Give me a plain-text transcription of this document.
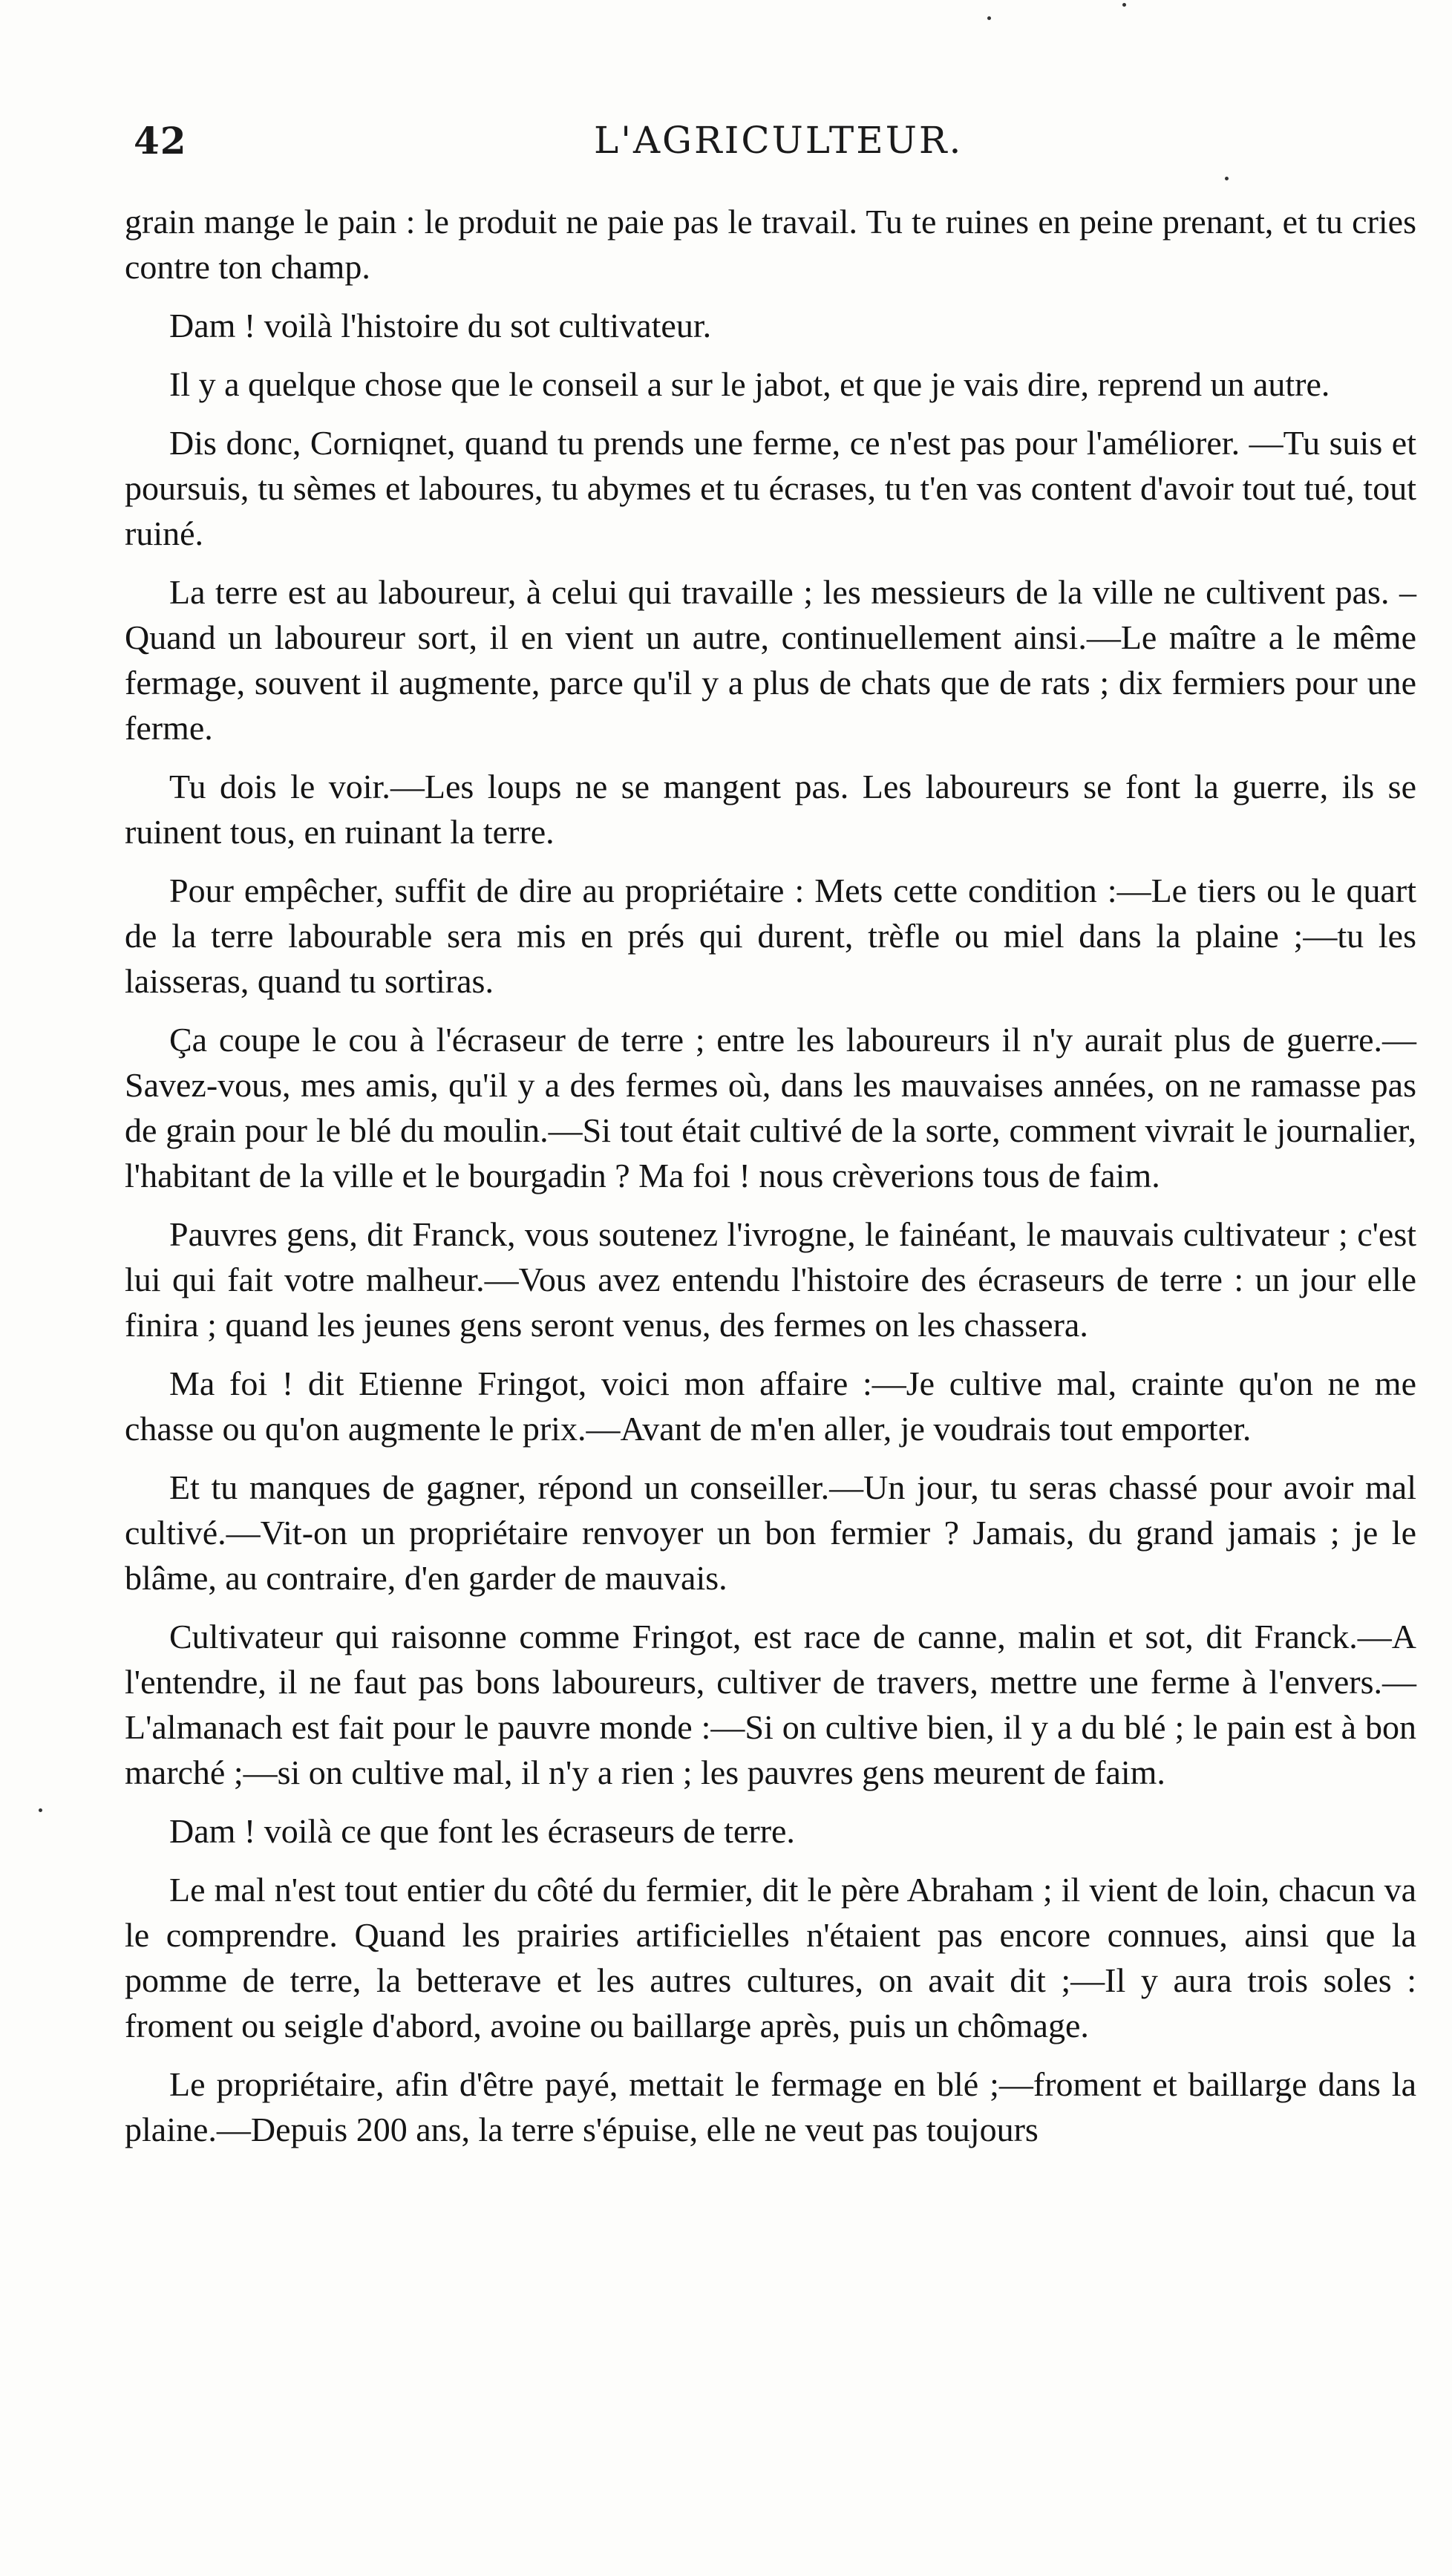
42	L'AGRICULTEUR.

grain mange le pain : le produit ne paie pas le travail. Tu te ruines en peine prenant, et tu cries contre ton champ.

Dam ! voilà l'histoire du sot cultivateur.

Il y a quelque chose que le conseil a sur le jabot, et que je vais dire, reprend un autre.

Dis donc, Corniqnet, quand tu prends une ferme, ce n'est pas pour l'améliorer. —Tu suis et poursuis, tu sèmes et laboures, tu abymes et tu écrases, tu t'en vas content d'avoir tout tué, tout ruiné.

La terre est au laboureur, à celui qui travaille ; les messieurs de la ville ne cultivent pas. – Quand un laboureur sort, il en vient un autre, continuellement ainsi.—Le maître a le même fermage, souvent il augmente, parce qu'il y a plus de chats que de rats ; dix fermiers pour une ferme.

Tu dois le voir.—Les loups ne se mangent pas. Les laboureurs se font la guerre, ils se ruinent tous, en ruinant la terre.

Pour empêcher, suffit de dire au propriétaire : Mets cette condition :—Le tiers ou le quart de la terre labourable sera mis en prés qui durent, trèfle ou miel dans la plaine ;—tu les laisseras, quand tu sortiras.

Ça coupe le cou à l'écraseur de terre ; entre les laboureurs il n'y aurait plus de guerre.—Savez-vous, mes amis, qu'il y a des fermes où, dans les mauvaises années, on ne ramasse pas de grain pour le blé du moulin.—Si tout était cultivé de la sorte, comment vivrait le journalier, l'habitant de la ville et le bourgadin ? Ma foi ! nous crèverions tous de faim.

Pauvres gens, dit Franck, vous soutenez l'ivrogne, le fainéant, le mauvais cultivateur ; c'est lui qui fait votre malheur.—Vous avez entendu l'histoire des écraseurs de terre : un jour elle finira ; quand les jeunes gens seront venus, des fermes on les chassera.

Ma foi ! dit Etienne Fringot, voici mon affaire :—Je cultive mal, crainte qu'on ne me chasse ou qu'on augmente le prix.—Avant de m'en aller, je voudrais tout emporter.

Et tu manques de gagner, répond un conseiller.—Un jour, tu seras chassé pour avoir mal cultivé.—Vit-on un propriétaire renvoyer un bon fermier ? Jamais, du grand jamais ; je le blâme, au contraire, d'en garder de mauvais.

Cultivateur qui raisonne comme Fringot, est race de canne, malin et sot, dit Franck.—A l'entendre, il ne faut pas bons laboureurs, cultiver de travers, mettre une ferme à l'envers.—L'almanach est fait pour le pauvre monde :—Si on cultive bien, il y a du blé ; le pain est à bon marché ;—si on cultive mal, il n'y a rien ; les pauvres gens meurent de faim.

Dam ! voilà ce que font les écraseurs de terre.

Le mal n'est tout entier du côté du fermier, dit le père Abraham ; il vient de loin, chacun va le comprendre. Quand les prairies artificielles n'étaient pas encore connues, ainsi que la pomme de terre, la betterave et les autres cultures, on avait dit ;—Il y aura trois soles : froment ou seigle d'abord, avoine ou baillarge après, puis un chômage.

Le propriétaire, afin d'être payé, mettait le fermage en blé ;—froment et baillarge dans la plaine.—Depuis 200 ans, la terre s'épuise, elle ne veut pas toujours
